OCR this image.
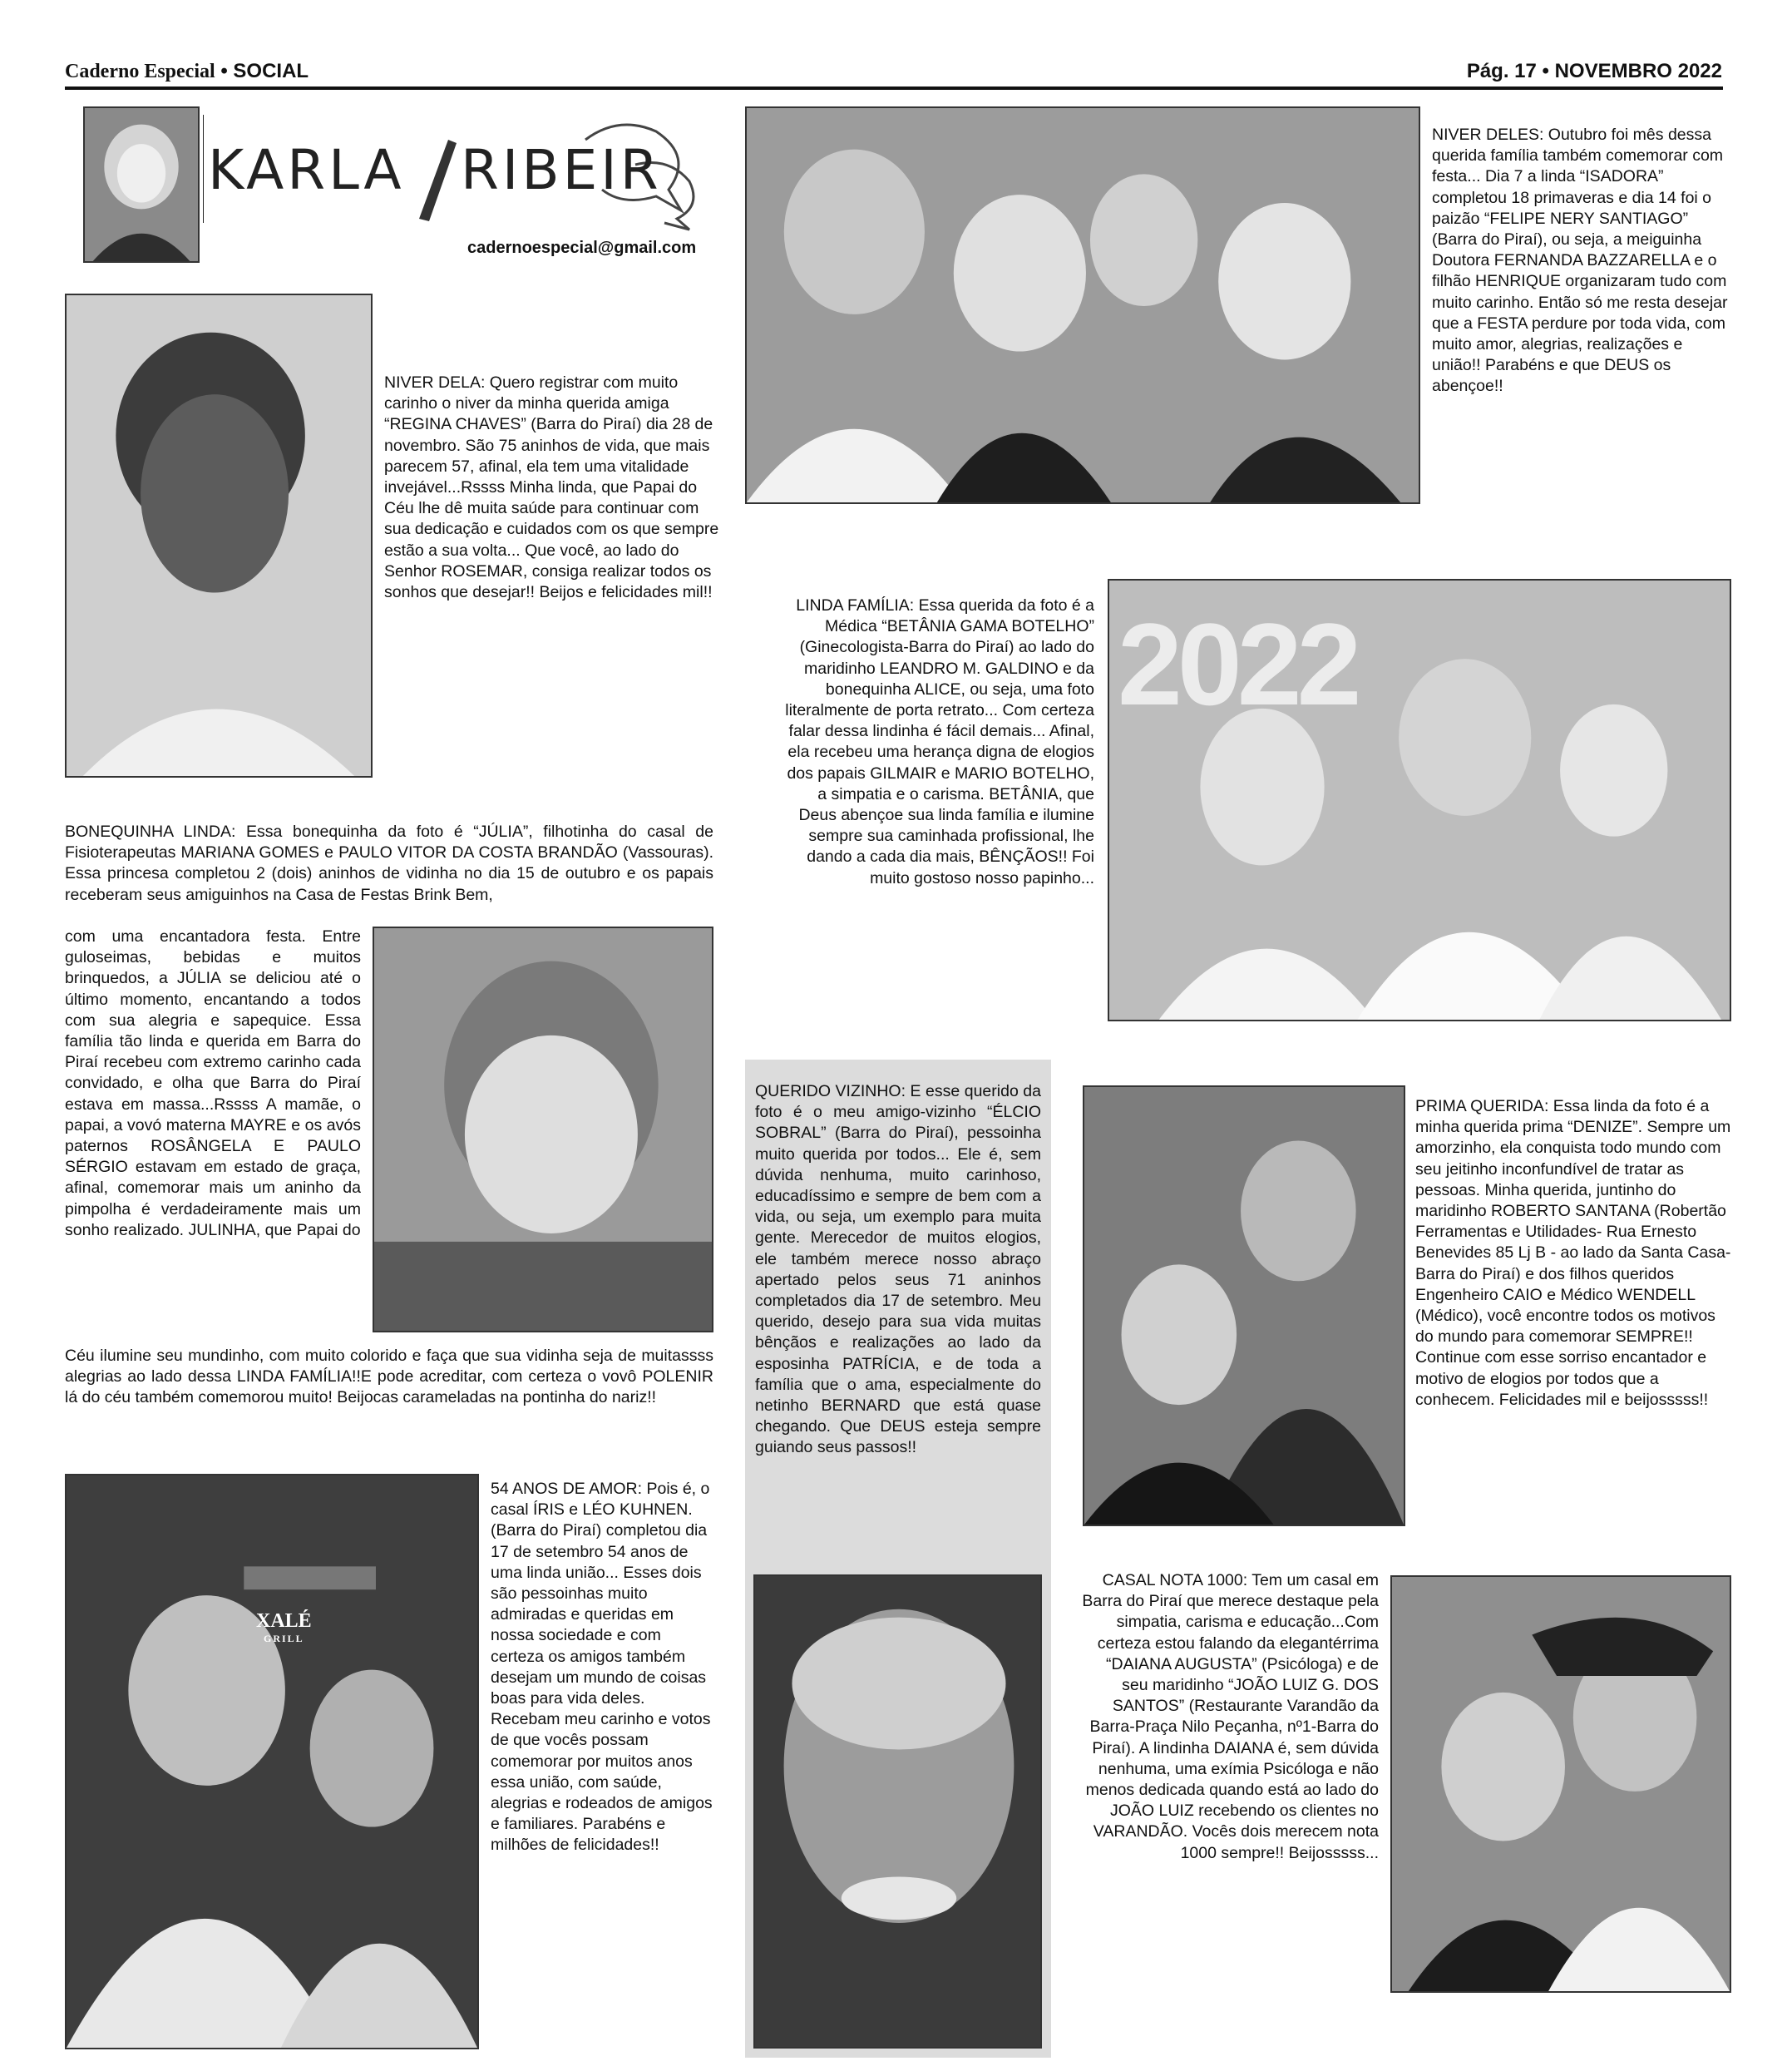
Caderno Especial • SOCIAL	Pág. 17 • NOVEMBRO 2022
KARLA RIBEIR
cadernoespecial@gmail.com
NIVER DELA: Quero registrar com muito carinho o niver da minha querida amiga “REGINA CHAVES” (Barra do Piraí) dia 28 de novembro. São 75 aninhos de vida, que mais parecem 57, afinal, ela tem uma vitalidade invejável...Rssss Minha linda, que Papai do Céu lhe dê muita saúde para continuar com sua dedicação e cuidados com os que sempre estão a sua volta... Que você, ao lado do Senhor ROSEMAR, consiga realizar todos os sonhos que desejar!! Beijos e felicidades mil!!
BONEQUINHA LINDA: Essa bonequinha da foto é “JÚLIA”, filhotinha do casal de Fisioterapeutas MARIANA GOMES e PAULO VITOR DA COSTA BRANDÃO (Vassouras). Essa princesa completou 2 (dois) aninhos de vidinha no dia 15 de outubro e os papais receberam seus amiguinhos na Casa de Festas Brink Bem,
com uma encantadora festa. Entre guloseimas, bebidas e muitos brinquedos, a JÚLIA se deliciou até o último momento, encantando a todos com sua alegria e sapequice. Essa família tão linda e querida em Barra do Piraí recebeu com extremo carinho cada convidado, e olha que Barra do Piraí estava em massa...Rssss A mamãe, o papai, a vovó materna MAYRE e os avós paternos ROSÂNGELA E PAULO SÉRGIO estavam em estado de graça, afinal, comemorar mais um aninho da pimpolha é verdadeiramente mais um sonho realizado. JULINHA, que Papai do
Céu ilumine seu mundinho, com muito colorido e faça que sua vidinha seja de muitassss alegrias ao lado dessa LINDA FAMÍLIA!!E pode acreditar, com certeza o vovô POLENIR lá do céu também comemorou muito! Beijocas carameladas na pontinha do nariz!!
XALÉ
GRILL
54 ANOS DE AMOR: Pois é, o casal ÍRIS e LÉO KUHNEN. (Barra do Piraí) completou dia 17 de setembro 54 anos de uma linda união... Esses dois são pessoinhas muito admiradas e queridas em nossa sociedade e com certeza os amigos também desejam um mundo de coisas boas para vida deles. Recebam meu carinho e votos de que vocês possam comemorar por muitos anos essa união, com saúde, alegrias e rodeados de amigos e familiares. Parabéns e milhões de felicidades!!
NIVER DELES: Outubro foi mês dessa querida família também comemorar com festa... Dia 7 a linda “ISADORA” completou 18 primaveras e dia 14 foi o paizão “FELIPE NERY SANTIAGO” (Barra do Piraí), ou seja, a meiguinha Doutora FERNANDA BAZZARELLA e o filhão HENRIQUE organizaram tudo com muito carinho. Então só me resta desejar que a FESTA perdure por toda vida, com muito amor, alegrias, realizações e união!! Parabéns e que DEUS os abençoe!!
LINDA FAMÍLIA: Essa querida da foto é a Médica “BETÂNIA GAMA BOTELHO” (Ginecologista-Barra do Piraí) ao lado do maridinho LEANDRO M. GALDINO e da bonequinha ALICE, ou seja, uma foto literalmente de porta retrato... Com certeza falar dessa lindinha é fácil demais... Afinal, ela recebeu uma herança digna de elogios dos papais GILMAIR e MARIO BOTELHO, a simpatia e o carisma. BETÂNIA, que Deus abençoe sua linda família e ilumine sempre sua caminhada profissional, lhe dando a cada dia mais, BÊNÇÃOS!! Foi muito gostoso nosso papinho...
2022
QUERIDO VIZINHO: E esse querido da foto é o meu amigo-vizinho “ÉLCIO SOBRAL” (Barra do Piraí), pessoinha muito querida por todos... Ele é, sem dúvida nenhuma, muito carinhoso, educadíssimo e sempre de bem com a vida, ou seja, um exemplo para muita gente. Merecedor de muitos elogios, ele também merece nosso abraço apertado pelos seus 71 aninhos completados dia 17 de setembro. Meu querido, desejo para sua vida muitas bênçãos e realizações ao lado da esposinha PATRÍCIA, e de toda a família que o ama, especialmente do netinho BERNARD que está quase chegando. Que DEUS esteja sempre guiando seus passos!!
PRIMA QUERIDA: Essa linda da foto é a minha querida prima “DENIZE”. Sempre um amorzinho, ela conquista todo mundo com seu jeitinho inconfundível de tratar as pessoas. Minha querida, juntinho do maridinho ROBERTO SANTANA (Robertão Ferramentas e Utilidades- Rua Ernesto Benevides 85 Lj B - ao lado da Santa Casa-Barra do Piraí) e dos filhos queridos Engenheiro CAIO e Médico WENDELL (Médico), você encontre todos os motivos do mundo para comemorar SEMPRE!! Continue com esse sorriso encantador e motivo de elogios por todos que a conhecem. Felicidades mil e beijosssss!!
CASAL NOTA 1000: Tem um casal em Barra do Piraí que merece destaque pela simpatia, carisma e educação...Com certeza estou falando da elegantérrima “DAIANA AUGUSTA” (Psicóloga) e de seu maridinho “JOÃO LUIZ G. DOS SANTOS” (Restaurante Varandão da Barra-Praça Nilo Peçanha, nº1-Barra do Piraí). A lindinha DAIANA é, sem dúvida nenhuma, uma exímia Psicóloga e não menos dedicada quando está ao lado do JOÃO LUIZ recebendo os clientes no VARANDÃO. Vocês dois merecem nota 1000 sempre!! Beijosssss...
